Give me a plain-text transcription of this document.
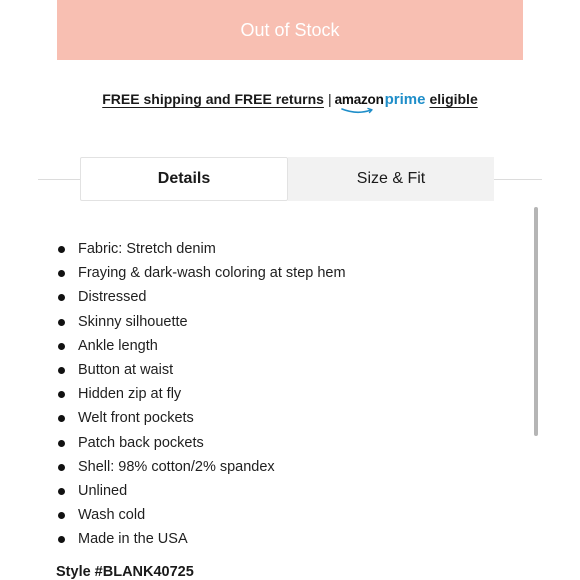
Out of Stock
FREE shipping and FREE returns | amazonprime eligible
Details	Size & Fit
Fabric: Stretch denim
Fraying & dark-wash coloring at step hem
Distressed
Skinny silhouette
Ankle length
Button at waist
Hidden zip at fly
Welt front pockets
Patch back pockets
Shell: 98% cotton/2% spandex
Unlined
Wash cold
Made in the USA
Style #BLANK40725
